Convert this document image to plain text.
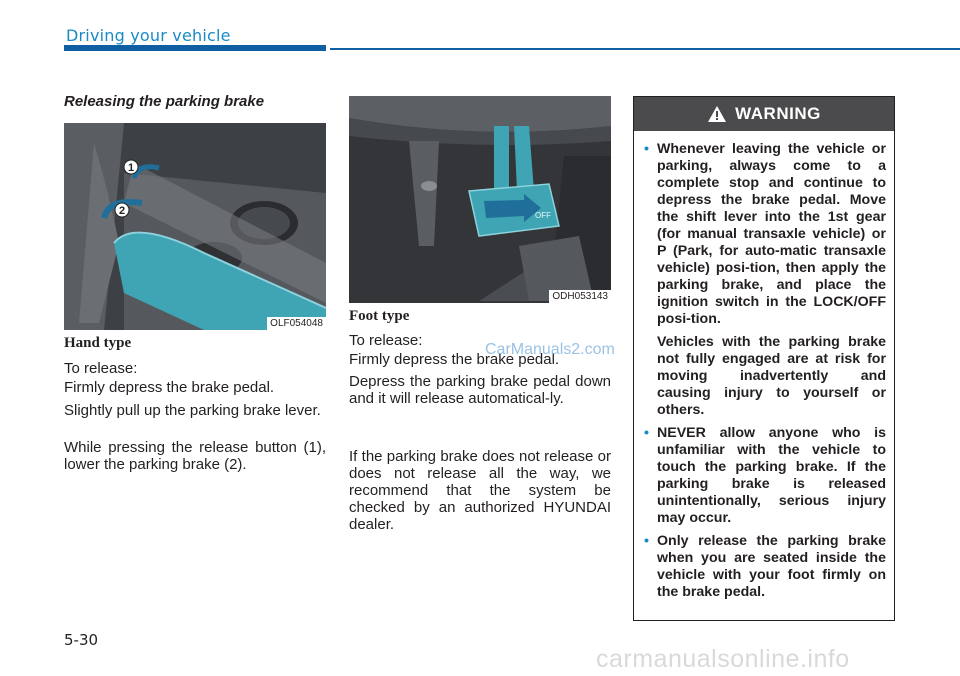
Driving your vehicle
Releasing the parking brake
1
2
OLF054048
Hand type
To release:
Firmly depress the brake pedal.
Slightly pull up the parking brake lever.
While pressing the release button (1), lower the parking brake (2).
OFF
ODH053143
Foot type
To release:
Firmly depress the brake pedal.
Depress the parking brake pedal down and it will release automatical-ly.
If the parking brake does not release or does not release all the way, we recommend that the system be checked by an authorized HYUNDAI dealer.
WARNING
• Whenever leaving the vehicle or parking, always come to a complete stop and continue to depress the brake pedal. Move the shift lever into the 1st gear (for manual transaxle vehicle) or P (Park, for auto-matic transaxle vehicle) posi-tion, then apply the parking brake, and place the ignition switch in the LOCK/OFF posi-tion.
Vehicles with the parking brake not fully engaged are at risk for moving inadvertently and causing injury to yourself or others.
• NEVER allow anyone who is unfamiliar with the vehicle to touch the parking brake. If the parking brake is released unintentionally, serious injury may occur.
• Only release the parking brake when you are seated inside the vehicle with your foot firmly on the brake pedal.
5-30
CarManuals2.com
carmanualsonline.info
